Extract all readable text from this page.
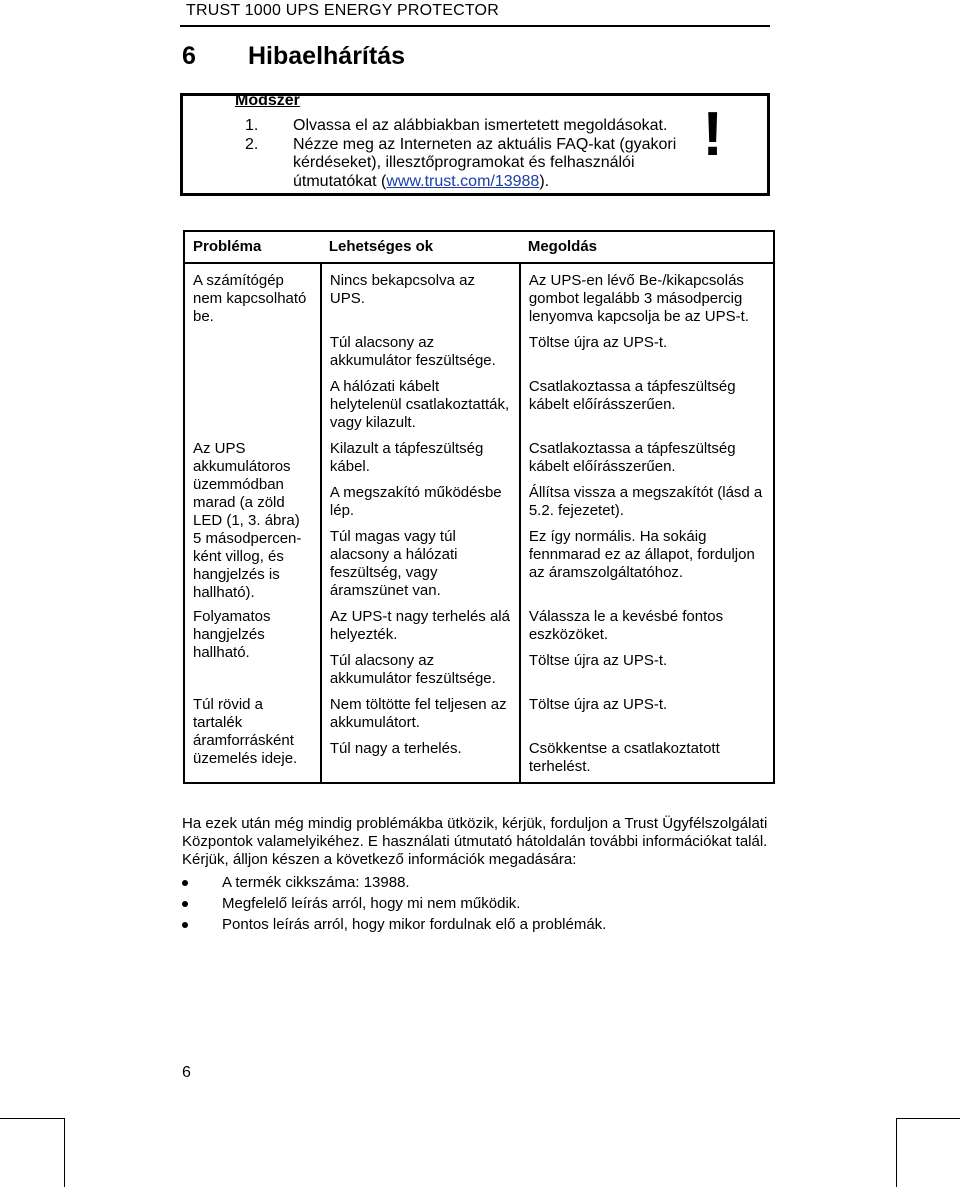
TRUST 1000 UPS ENERGY PROTECTOR
6 Hibaelhárítás
Módszer
1. Olvassa el az alábbiakban ismertetett megoldásokat.
2. Nézze meg az Interneten az aktuális FAQ-kat (gyakori kérdéseket), illesztőprogramokat és felhasználói útmutatókat (www.trust.com/13988).
!
Probléma	Lehetséges ok	Megoldás
A számítógép nem kapcsolható be.	Nincs bekapcsolva az UPS.	Az UPS-en lévő Be-/kikapcsolás gombot legalább 3 másodpercig lenyomva kapcsolja be az UPS-t.
	Túl alacsony az akkumulátor feszültsége.	Töltse újra az UPS-t.
	A hálózati kábelt helytelenül csatlakoztatták, vagy kilazult.	Csatlakoztassa a tápfeszültség kábelt előírásszerűen.
Az UPS akkumulátoros üzemmódban marad (a zöld LED (1, 3. ábra) 5 másodpercen-ként villog, és hangjelzés is hallható).	Kilazult a tápfeszültség kábel.	Csatlakoztassa a tápfeszültség kábelt előírásszerűen.
	A megszakító működésbe lép.	Állítsa vissza a megszakítót (lásd a 5.2. fejezetet).
	Túl magas vagy túl alacsony a hálózati feszültség, vagy áramszünet van.	Ez így normális. Ha sokáig fennmarad ez az állapot, forduljon az áramszolgáltatóhoz.
Folyamatos hangjelzés hallható.	Az UPS-t nagy terhelés alá helyezték.	Válassza le a kevésbé fontos eszközöket.
	Túl alacsony az akkumulátor feszültsége.	Töltse újra az UPS-t.
Túl rövid a tartalék áramforrásként üzemelés ideje.	Nem töltötte fel teljesen az akkumulátort.	Töltse újra az UPS-t.
	Túl nagy a terhelés.	Csökkentse a csatlakoztatott terhelést.
Ha ezek után még mindig problémákba ütközik, kérjük, forduljon a Trust Ügyfélszolgálati Központok valamelyikéhez. E használati útmutató hátoldalán további információkat talál. Kérjük, álljon készen a következő információk megadására:
A termék cikkszáma: 13988.
Megfelelő leírás arról, hogy mi nem működik.
Pontos leírás arról, hogy mikor fordulnak elő a problémák.
6
